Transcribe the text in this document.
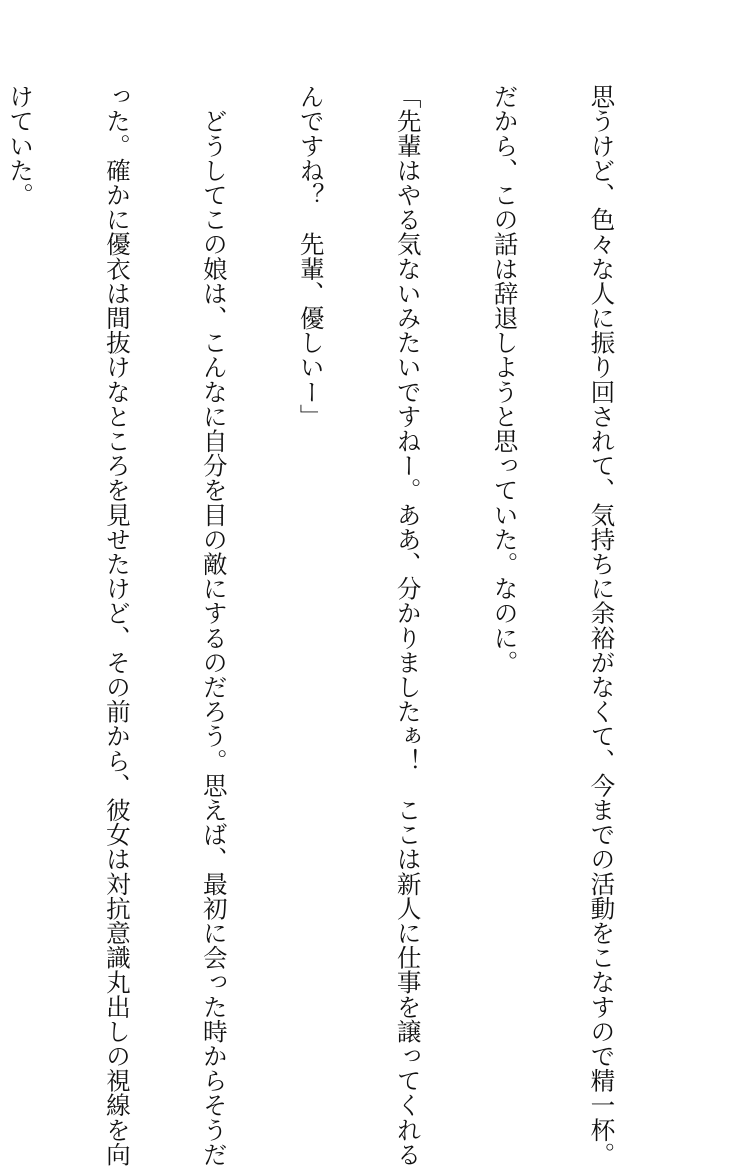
思うけど、色々な人に振り回されて、気持ちに余裕がなくて、今までの活動をこなすので精一杯。

だから、この話は辞退しようと思っていた。なのに。

「先輩はやる気ないみたいですねー。ああ、分かりましたぁ！　ここは新人に仕事を譲ってくれる

んですね？　先輩、優しいー」

　どうしてこの娘は、こんなに自分を目の敵にするのだろう。思えば、最初に会った時からそうだ

った。確かに優衣は間抜けなところを見せたけど、その前から、彼女は対抗意識丸出しの視線を向

けていた。
